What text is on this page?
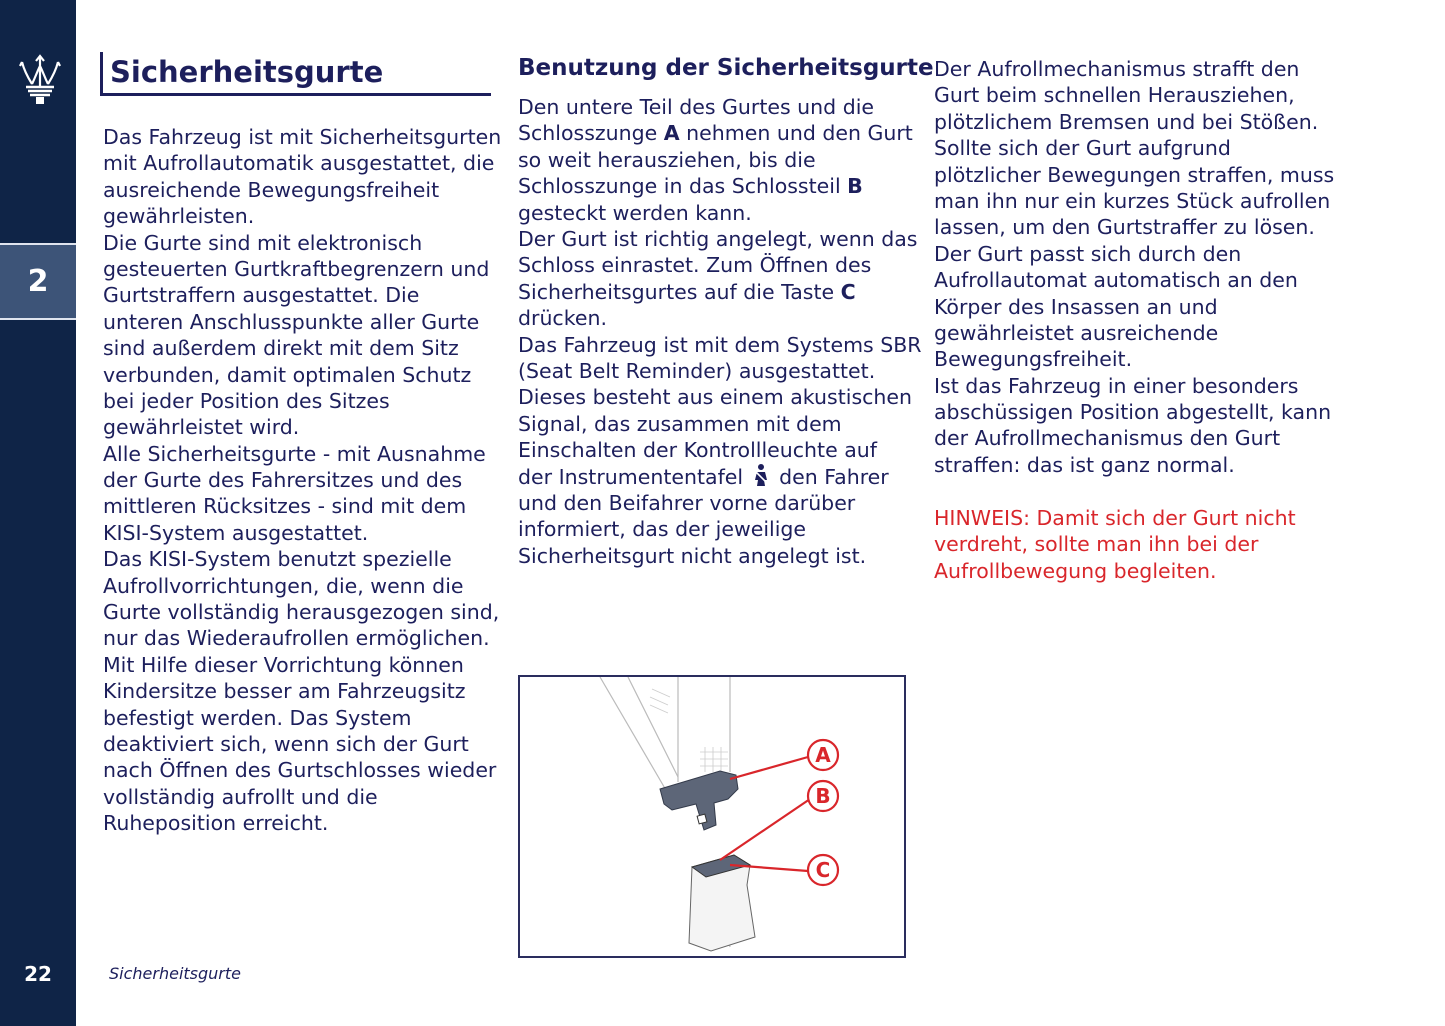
2
22	Sicherheitsgurte
Sicherheitsgurte
Das Fahrzeug ist mit Sicherheitsgurten
mit Aufrollautomatik ausgestattet, die
ausreichende Bewegungsfreiheit
gewährleisten.
Die Gurte sind mit elektronisch
gesteuerten Gurtkraftbegrenzern und
Gurtstraffern ausgestattet. Die
unteren Anschlusspunkte aller Gurte
sind außerdem direkt mit dem Sitz
verbunden, damit optimalen Schutz
bei jeder Position des Sitzes
gewährleistet wird.
Alle Sicherheitsgurte - mit Ausnahme
der Gurte des Fahrersitzes und des
mittleren Rücksitzes - sind mit dem
KISI-System ausgestattet.
Das KISI-System benutzt spezielle
Aufrollvorrichtungen, die, wenn die
Gurte vollständig herausgezogen sind,
nur das Wiederaufrollen ermöglichen.
Mit Hilfe dieser Vorrichtung können
Kindersitze besser am Fahrzeugsitz
befestigt werden. Das System
deaktiviert sich, wenn sich der Gurt
nach Öffnen des Gurtschlosses wieder
vollständig aufrollt und die
Ruheposition erreicht.
Benutzung der Sicherheitsgurte
Den untere Teil des Gurtes und die
Schlosszunge A nehmen und den Gurt
so weit herausziehen, bis die
Schlosszunge in das Schlossteil B
gesteckt werden kann.
Der Gurt ist richtig angelegt, wenn das
Schloss einrastet. Zum Öffnen des
Sicherheitsgurtes auf die Taste C
drücken.
Das Fahrzeug ist mit dem Systems SBR
(Seat Belt Reminder) ausgestattet.
Dieses besteht aus einem akustischen
Signal, das zusammen mit dem
Einschalten der Kontrollleuchte auf
der Instrumententafel den Fahrer
und den Beifahrer vorne darüber
informiert, das der jeweilige
Sicherheitsgurt nicht angelegt ist.
Der Aufrollmechanismus strafft den
Gurt beim schnellen Herausziehen,
plötzlichem Bremsen und bei Stößen.
Sollte sich der Gurt aufgrund
plötzlicher Bewegungen straffen, muss
man ihn nur ein kurzes Stück aufrollen
lassen, um den Gurtstraffer zu lösen.
Der Gurt passt sich durch den
Aufrollautomat automatisch an den
Körper des Insassen an und
gewährleistet ausreichende
Bewegungsfreiheit.
Ist das Fahrzeug in einer besonders
abschüssigen Position abgestellt, kann
der Aufrollmechanismus den Gurt
straffen: das ist ganz normal.
HINWEIS: Damit sich der Gurt nicht
verdreht, sollte man ihn bei der
Aufrollbewegung begleiten.
A
B
C
